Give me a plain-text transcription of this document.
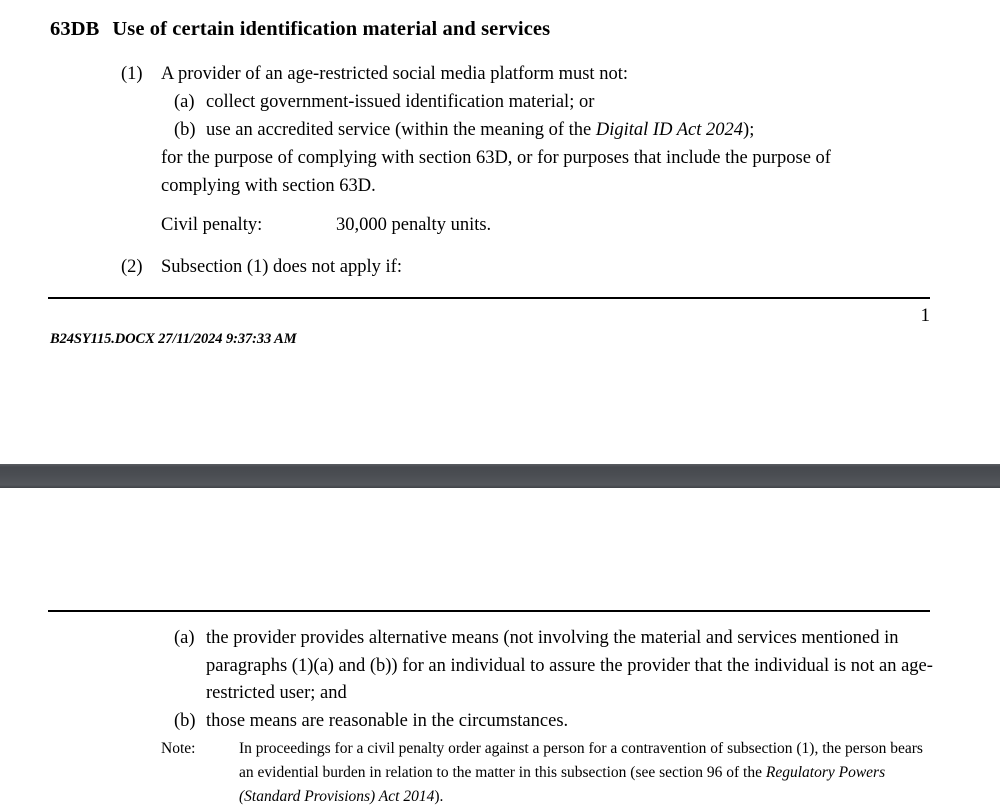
63DB Use of certain identification material and services
(1) A provider of an age-restricted social media platform must not:
(a) collect government-issued identification material; or
(b) use an accredited service (within the meaning of the Digital ID Act 2024);
for the purpose of complying with section 63D, or for purposes that include the purpose of complying with section 63D.
Civil penalty:	30,000 penalty units.
(2) Subsection (1) does not apply if:
1
B24SY115.DOCX 27/11/2024 9:37:33 AM
(a) the provider provides alternative means (not involving the material and services mentioned in paragraphs (1)(a) and (b)) for an individual to assure the provider that the individual is not an age-restricted user; and
(b) those means are reasonable in the circumstances.
Note:	In proceedings for a civil penalty order against a person for a contravention of subsection (1), the person bears an evidential burden in relation to the matter in this subsection (see section 96 of the Regulatory Powers (Standard Provisions) Act 2014).
